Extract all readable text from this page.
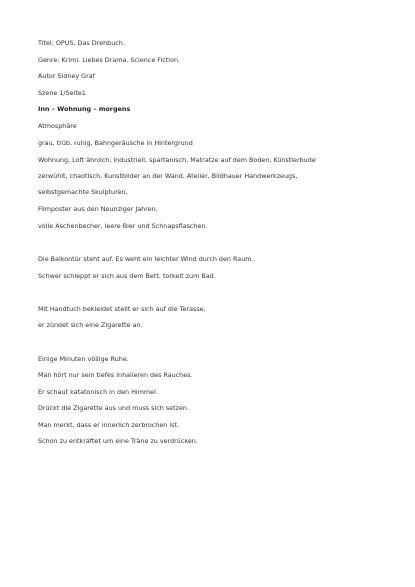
Titel: OPUS. Das Drehbuch.
Genre: Krimi. Liebes Drama. Science Fiction.
Autor Sidney Graf
Szene 1/Seite1
Inn – Wohnung – morgens
Atmosphäre
grau, trüb, ruhig, Bahngeräusche in Hintergrund
Wohnung, Loft ähnlich, industriell, spartanisch, Matratze auf dem Boden, Künstlerbude
zerwühlt, chaotisch, Kunstbilder an der Wand, Atelier, Bildhauer Handwerkzeugs,
selbstgemachte Skulpturen,
Filmposter aus den Neunziger Jahren,
volle Aschenbecher, leere Bier und Schnapsflaschen.
Die Balkontür steht auf. Es weht ein leichter Wind durch den Raum.
Schwer schleppt er sich aus dem Bett, torkelt zum Bad.
Mit Handtuch bekleidet stellt er sich auf die Terasse,
er zündet sich eine Zigarette an.
Einige Minuten völlige Ruhe.
Man hört nur sein tiefes inhalieren des Rauches.
Er schaut katatonisch in den Himmel.
Drückt die Zigarette aus und muss sich setzen.
Man merkt, dass er innerlich zerbrochen ist.
Schon zu entkräftet um eine Träne zu verdrücken.
